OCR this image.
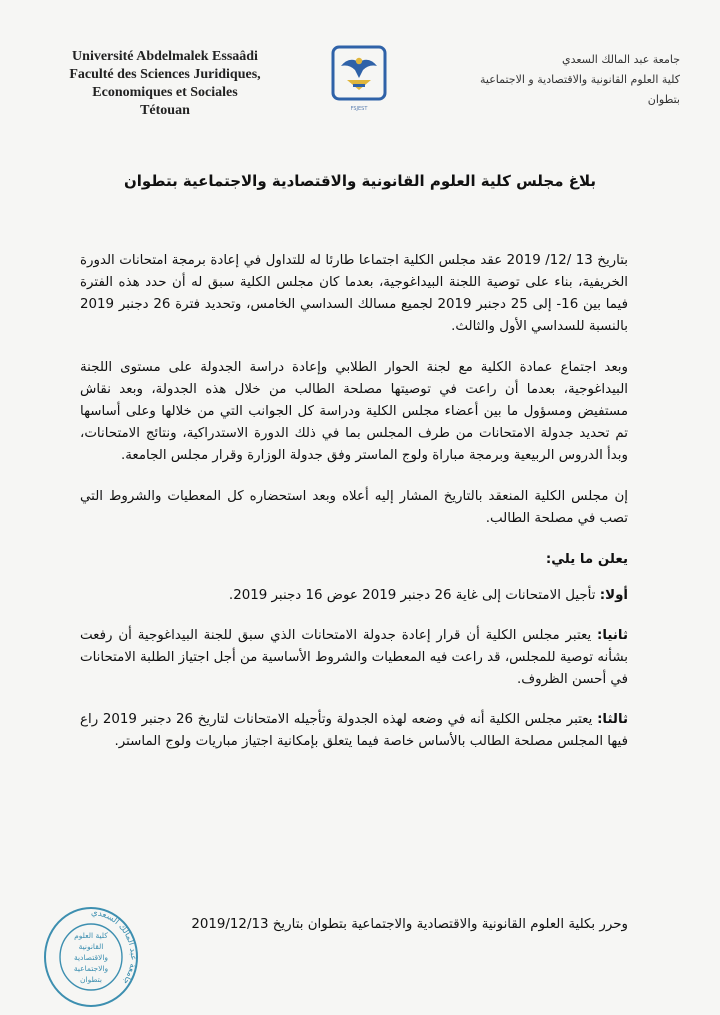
Université Abdelmalek Essaâdi
Faculté des Sciences Juridiques,
Economiques et Sociales
Tétouan	FSJEST
جامعة عبد المالك السعدي
كلية العلوم القانونية والاقتصادية و الاجتماعية
بتطوان
بلاغ مجلس كلية العلوم القانونية والاقتصادية والاجتماعية بتطوان

بتاريخ 13 /12/ 2019 عقد مجلس الكلية اجتماعا طارئا له للتداول في إعادة برمجة امتحانات الدورة الخريفية، بناء على توصية اللجنة البيداغوجية، بعدما كان مجلس الكلية سبق له أن حدد هذه الفترة فيما بين 16- إلى 25 دجنبر 2019 لجميع مسالك السداسي الخامس، وتحديد فترة 26 دجنبر 2019 بالنسبة للسداسي الأول والثالث.

وبعد اجتماع عمادة الكلية مع لجنة الحوار الطلابي وإعادة دراسة الجدولة على مستوى اللجنة البيداغوجية، بعدما أن راعت في توصيتها مصلحة الطالب من خلال هذه الجدولة، وبعد نقاش مستفيض ومسؤول ما بين أعضاء مجلس الكلية ودراسة كل الجوانب التي من خلالها وعلى أساسها تم تحديد جدولة الامتحانات من طرف المجلس بما في ذلك الدورة الاستدراكية، ونتائج الامتحانات، وبدأ الدروس الربيعية وبرمجة مباراة ولوج الماستر وفق جدولة الوزارة وقرار مجلس الجامعة.

إن مجلس الكلية المنعقد بالتاريخ المشار إليه أعلاه وبعد استحضاره كل المعطيات والشروط التي تصب في مصلحة الطالب.

يعلن ما يلي:

أولا: تأجيل الامتحانات إلى غاية 26 دجنبر 2019 عوض 16 دجنبر 2019.

ثانيا: يعتبر مجلس الكلية أن قرار إعادة جدولة الامتحانات الذي سبق للجنة البيداغوجية أن رفعت بشأنه توصية للمجلس، قد راعت فيه المعطيات والشروط الأساسية من أجل اجتياز الطلبة الامتحانات في أحسن الظروف.

ثالثا: يعتبر مجلس الكلية أنه في وضعه لهذه الجدولة وتأجيله الامتحانات لتاريخ 26 دجنبر 2019 راع فيها المجلس مصلحة الطالب بالأساس خاصة فيما يتعلق بإمكانية اجتياز مباريات ولوج الماستر.

وحرر بكلية العلوم القانونية والاقتصادية والاجتماعية بتطوان بتاريخ 2019/12/13
جامعة عبد المالك السعدي
كلية العلوم
القانونية
والاقتصادية
والاجتماعية
بتطوان
